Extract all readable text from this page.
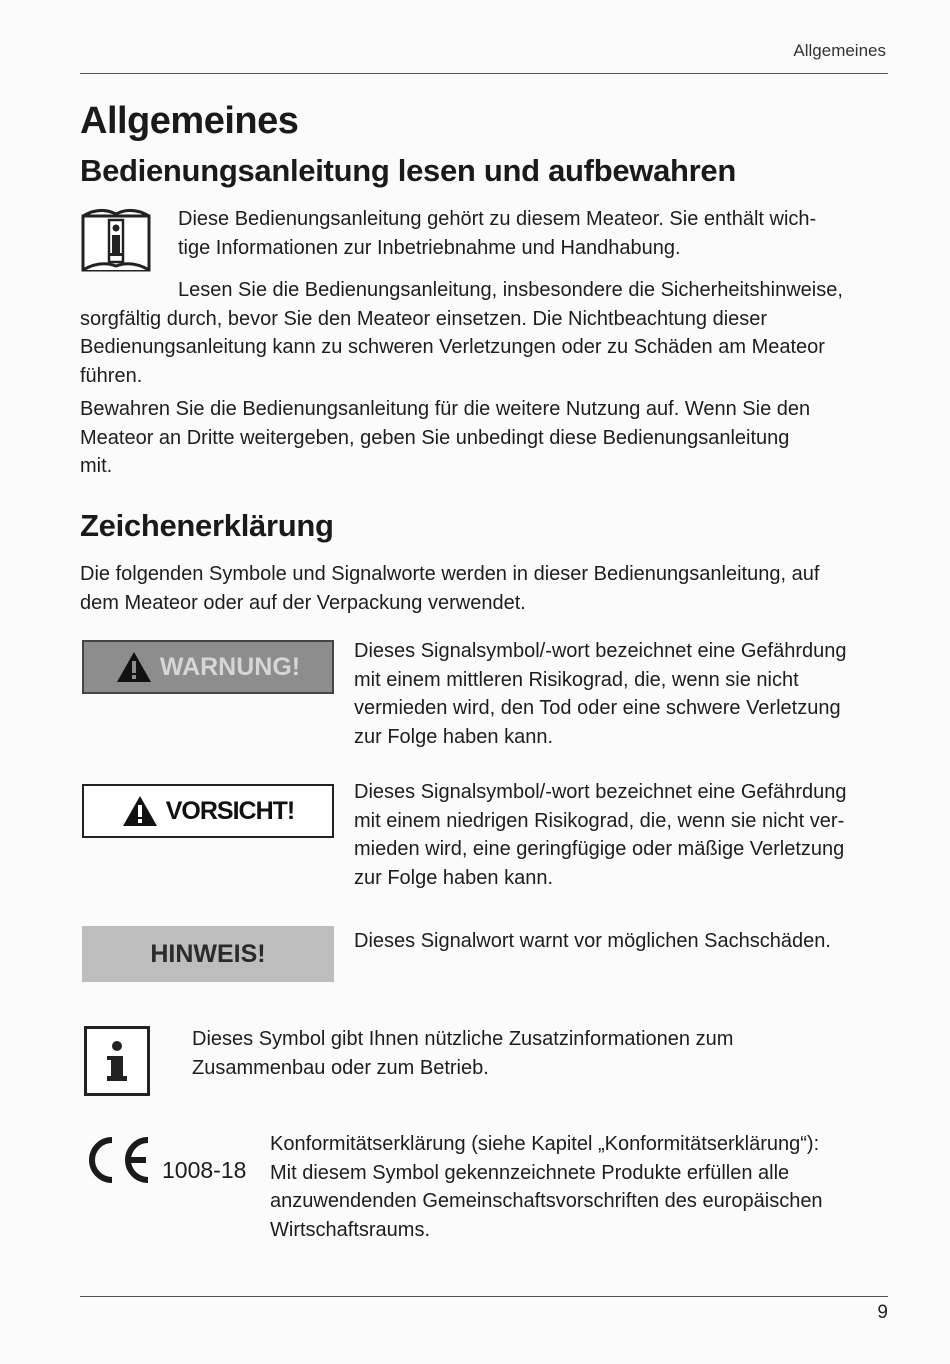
Allgemeines
Allgemeines
Bedienungsanleitung lesen und aufbewahren

Diese Bedienungsanleitung gehört zu diesem Meateor. Sie enthält wich-

tige Informationen zur Inbetriebnahme und Handhabung.

Lesen Sie die Bedienungsanleitung, insbesondere die Sicherheitshinweise,

sorgfältig durch, bevor Sie den Meateor einsetzen. Die Nichtbeachtung dieser

Bedienungsanleitung kann zu schweren Verletzungen oder zu Schäden am Meateor

führen.

Bewahren Sie die Bedienungsanleitung für die weitere Nutzung auf. Wenn Sie den

Meateor an Dritte weitergeben, geben Sie unbedingt diese Bedienungsanleitung

mit.

Zeichenerklärung

Die folgenden Symbole und Signalworte werden in dieser Bedienungsanleitung, auf

dem Meateor oder auf der Verpackung verwendet.

WARNUNG!

Dieses Signalsymbol/-wort bezeichnet eine Gefährdung

mit einem mittleren Risikograd, die, wenn sie nicht

vermieden wird, den Tod oder eine schwere Verletzung

zur Folge haben kann.

VORSICHT!

Dieses Signalsymbol/-wort bezeichnet eine Gefährdung

mit einem niedrigen Risikograd, die, wenn sie nicht ver-

mieden wird, eine geringfügige oder mäßige Verletzung

zur Folge haben kann.

HINWEIS!	Dieses Signalwort warnt vor möglichen Sachschäden.

Dieses Symbol gibt Ihnen nützliche Zusatzinformationen zum

Zusammenbau oder zum Betrieb.

1008-18

Konformitätserklärung (siehe Kapitel „Konformitätserklärung“):

Mit diesem Symbol gekennzeichnete Produkte erfüllen alle

anzuwendenden Gemeinschaftsvorschriften des europäischen

Wirtschaftsraums.

9
